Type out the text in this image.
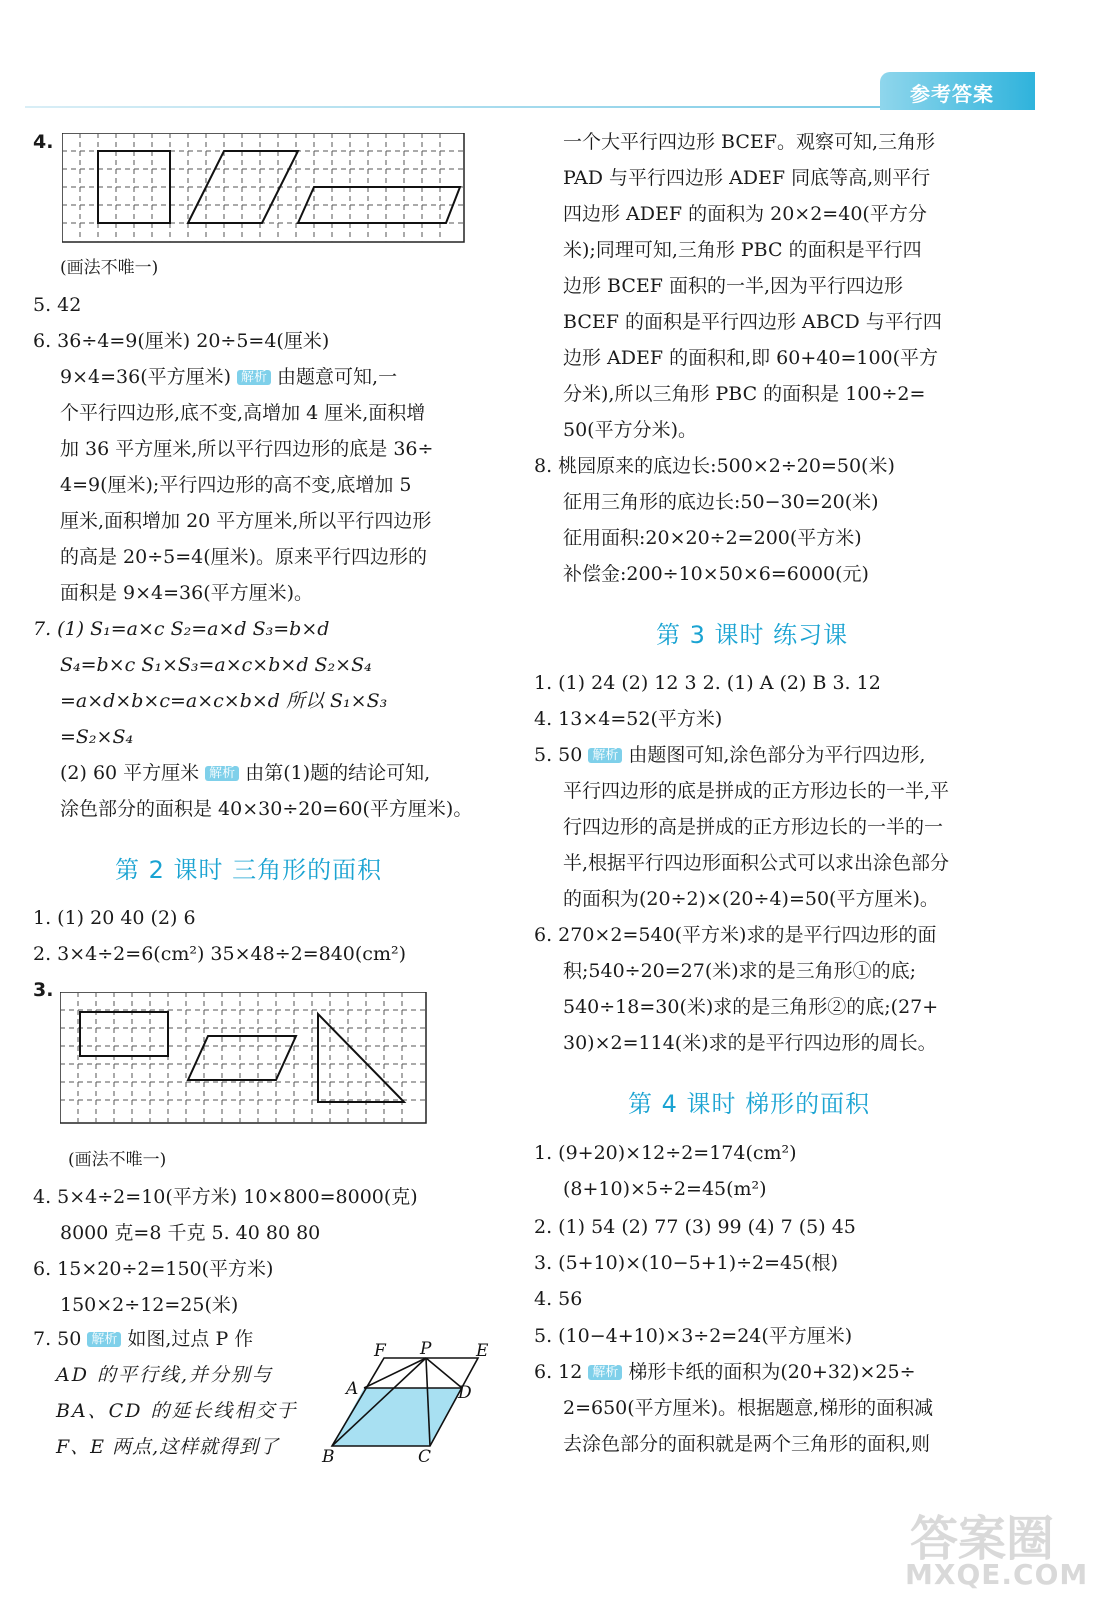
参考答案
4.
(画法不唯一)
5. 42
6. 36÷4=9(厘米) 20÷5=4(厘米)
9×4=36(平方厘米) 解析 由题意可知,一
个平行四边形,底不变,高增加 4 厘米,面积增
加 36 平方厘米,所以平行四边形的底是 36÷
4=9(厘米);平行四边形的高不变,底增加 5
厘米,面积增加 20 平方厘米,所以平行四边形
的高是 20÷5=4(厘米)。原来平行四边形的
面积是 9×4=36(平方厘米)。
7. (1) S₁=a×c S₂=a×d S₃=b×d
S₄=b×c S₁×S₃=a×c×b×d S₂×S₄
=a×d×b×c=a×c×b×d 所以 S₁×S₃
=S₂×S₄
(2) 60 平方厘米 解析 由第(1)题的结论可知,
涂色部分的面积是 40×30÷20=60(平方厘米)。
第 2 课时 三角形的面积
1. (1) 20 40 (2) 6
2. 3×4÷2=6(cm²) 35×48÷2=840(cm²)
3.
(画法不唯一)
4. 5×4÷2=10(平方米) 10×800=8000(克)
8000 克=8 千克 5. 40 80 80
6. 15×20÷2=150(平方米)
150×2÷12=25(米)
7. 50 解析 如图,过点 P 作
AD 的平行线,并分别与
BA、CD 的延长线相交于
F、E 两点,这样就得到了
F P	E
A	D
B	C
一个大平行四边形 BCEF。观察可知,三角形
PAD 与平行四边形 ADEF 同底等高,则平行
四边形 ADEF 的面积为 20×2=40(平方分
米);同理可知,三角形 PBC 的面积是平行四
边形 BCEF 面积的一半,因为平行四边形
BCEF 的面积是平行四边形 ABCD 与平行四
边形 ADEF 的面积和,即 60+40=100(平方
分米),所以三角形 PBC 的面积是 100÷2=
50(平方分米)。
8. 桃园原来的底边长:500×2÷20=50(米)
征用三角形的底边长:50−30=20(米)
征用面积:20×20÷2=200(平方米)
补偿金:200÷10×50×6=6000(元)
第 3 课时 练习课
1. (1) 24 (2) 12 3 2. (1) A (2) B 3. 12
4. 13×4=52(平方米)
5. 50 解析 由题图可知,涂色部分为平行四边形,
平行四边形的底是拼成的正方形边长的一半,平
行四边形的高是拼成的正方形边长的一半的一
半,根据平行四边形面积公式可以求出涂色部分
的面积为(20÷2)×(20÷4)=50(平方厘米)。
6. 270×2=540(平方米)求的是平行四边形的面
积;540÷20=27(米)求的是三角形①的底;
540÷18=30(米)求的是三角形②的底;(27+
30)×2=114(米)求的是平行四边形的周长。
第 4 课时 梯形的面积
1. (9+20)×12÷2=174(cm²)
(8+10)×5÷2=45(m²)
2. (1) 54 (2) 77 (3) 99 (4) 7 (5) 45
3. (5+10)×(10−5+1)÷2=45(根)
4. 56
5. (10−4+10)×3÷2=24(平方厘米)
6. 12 解析 梯形卡纸的面积为(20+32)×25÷
2=650(平方厘米)。根据题意,梯形的面积减
去涂色部分的面积就是两个三角形的面积,则
答案圈
MXQE.COM
